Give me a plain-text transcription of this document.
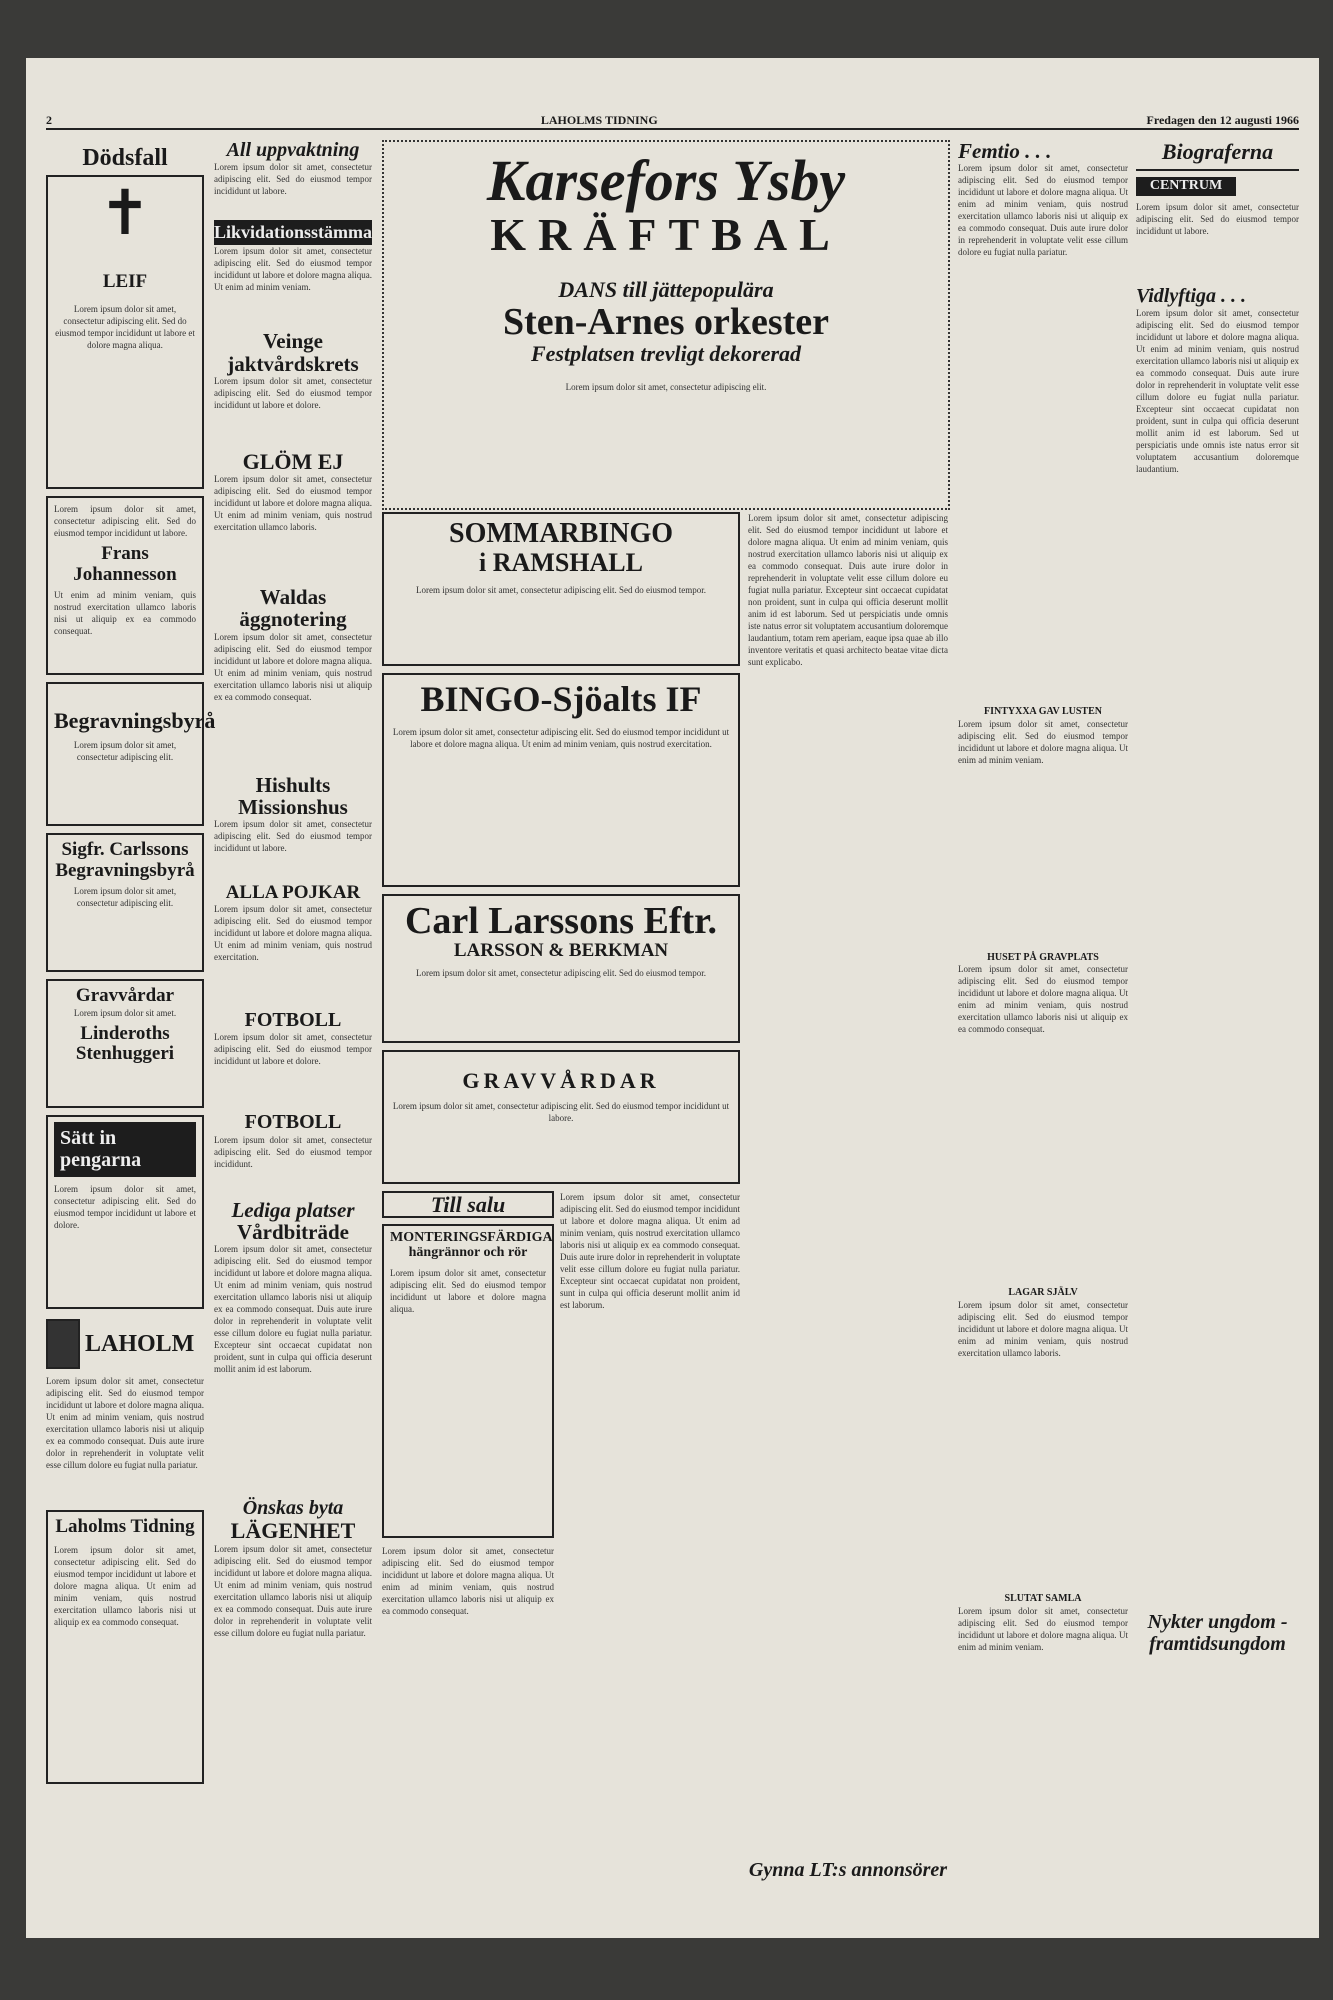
2	LAHOLMS TIDNING	Fredagen den 12 augusti 1966
Dödsfall
✝
LEIF

Lorem ipsum dolor sit amet, consectetur adipiscing elit. Sed do eiusmod tempor incididunt ut labore et dolore magna aliqua.

Lorem ipsum dolor sit amet, consectetur adipiscing elit. Sed do eiusmod tempor incididunt ut labore.

Frans
Johannesson

Ut enim ad minim veniam, quis nostrud exercitation ullamco laboris nisi ut aliquip ex ea commodo consequat.

Begravningsbyrå

Lorem ipsum dolor sit amet, consectetur adipiscing elit.

Sigfr. Carlssons Begravningsbyrå

Lorem ipsum dolor sit amet, consectetur adipiscing elit.

Gravvårdar

Lorem ipsum dolor sit amet.

Linderoths Stenhuggeri
Sätt in
pengarna

Lorem ipsum dolor sit amet, consectetur adipiscing elit. Sed do eiusmod tempor incididunt ut labore et dolore.

LAHOLM

Lorem ipsum dolor sit amet, consectetur adipiscing elit. Sed do eiusmod tempor incididunt ut labore et dolore magna aliqua. Ut enim ad minim veniam, quis nostrud exercitation ullamco laboris nisi ut aliquip ex ea commodo consequat. Duis aute irure dolor in reprehenderit in voluptate velit esse cillum dolore eu fugiat nulla pariatur.

Laholms Tidning

Lorem ipsum dolor sit amet, consectetur adipiscing elit. Sed do eiusmod tempor incididunt ut labore et dolore magna aliqua. Ut enim ad minim veniam, quis nostrud exercitation ullamco laboris nisi ut aliquip ex ea commodo consequat.

All uppvaktning

Lorem ipsum dolor sit amet, consectetur adipiscing elit. Sed do eiusmod tempor incididunt ut labore.

Likvidationsstämma

Lorem ipsum dolor sit amet, consectetur adipiscing elit. Sed do eiusmod tempor incididunt ut labore et dolore magna aliqua. Ut enim ad minim veniam.

Veinge jaktvårdskrets

Lorem ipsum dolor sit amet, consectetur adipiscing elit. Sed do eiusmod tempor incididunt ut labore et dolore.

GLÖM EJ

Lorem ipsum dolor sit amet, consectetur adipiscing elit. Sed do eiusmod tempor incididunt ut labore et dolore magna aliqua. Ut enim ad minim veniam, quis nostrud exercitation ullamco laboris.

Waldas äggnotering

Lorem ipsum dolor sit amet, consectetur adipiscing elit. Sed do eiusmod tempor incididunt ut labore et dolore magna aliqua. Ut enim ad minim veniam, quis nostrud exercitation ullamco laboris nisi ut aliquip ex ea commodo consequat.

Hishults Missionshus

Lorem ipsum dolor sit amet, consectetur adipiscing elit. Sed do eiusmod tempor incididunt ut labore.

ALLA POJKAR

Lorem ipsum dolor sit amet, consectetur adipiscing elit. Sed do eiusmod tempor incididunt ut labore et dolore magna aliqua. Ut enim ad minim veniam, quis nostrud exercitation.

FOTBOLL

Lorem ipsum dolor sit amet, consectetur adipiscing elit. Sed do eiusmod tempor incididunt ut labore et dolore.

FOTBOLL

Lorem ipsum dolor sit amet, consectetur adipiscing elit. Sed do eiusmod tempor incididunt.

Lediga platser
Vårdbiträde

Lorem ipsum dolor sit amet, consectetur adipiscing elit. Sed do eiusmod tempor incididunt ut labore et dolore magna aliqua. Ut enim ad minim veniam, quis nostrud exercitation ullamco laboris nisi ut aliquip ex ea commodo consequat. Duis aute irure dolor in reprehenderit in voluptate velit esse cillum dolore eu fugiat nulla pariatur. Excepteur sint occaecat cupidatat non proident, sunt in culpa qui officia deserunt mollit anim id est laborum.

Önskas byta
LÄGENHET

Lorem ipsum dolor sit amet, consectetur adipiscing elit. Sed do eiusmod tempor incididunt ut labore et dolore magna aliqua. Ut enim ad minim veniam, quis nostrud exercitation ullamco laboris nisi ut aliquip ex ea commodo consequat. Duis aute irure dolor in reprehenderit in voluptate velit esse cillum dolore eu fugiat nulla pariatur.

Karsefors Ysby
KRÄFTBAL
DANS till jättepopulära
Sten-Arnes orkester
Festplatsen trevligt dekorerad

Lorem ipsum dolor sit amet, consectetur adipiscing elit.

SOMMARBINGO
i RAMSHALL

Lorem ipsum dolor sit amet, consectetur adipiscing elit. Sed do eiusmod tempor.

BINGO-Sjöalts IF

Lorem ipsum dolor sit amet, consectetur adipiscing elit. Sed do eiusmod tempor incididunt ut labore et dolore magna aliqua. Ut enim ad minim veniam, quis nostrud exercitation.

Carl Larssons Eftr.
LARSSON & BERKMAN

Lorem ipsum dolor sit amet, consectetur adipiscing elit. Sed do eiusmod tempor.

GRAVVÅRDAR

Lorem ipsum dolor sit amet, consectetur adipiscing elit. Sed do eiusmod tempor incididunt ut labore.

Till salu
MONTERINGSFÄRDIGA
hängrännor och rör

Lorem ipsum dolor sit amet, consectetur adipiscing elit. Sed do eiusmod tempor incididunt ut labore et dolore magna aliqua.

Lorem ipsum dolor sit amet, consectetur adipiscing elit. Sed do eiusmod tempor incididunt ut labore et dolore magna aliqua. Ut enim ad minim veniam, quis nostrud exercitation ullamco laboris nisi ut aliquip ex ea commodo consequat.

Lorem ipsum dolor sit amet, consectetur adipiscing elit. Sed do eiusmod tempor incididunt ut labore et dolore magna aliqua. Ut enim ad minim veniam, quis nostrud exercitation ullamco laboris nisi ut aliquip ex ea commodo consequat. Duis aute irure dolor in reprehenderit in voluptate velit esse cillum dolore eu fugiat nulla pariatur. Excepteur sint occaecat cupidatat non proident, sunt in culpa qui officia deserunt mollit anim id est laborum.

Lorem ipsum dolor sit amet, consectetur adipiscing elit. Sed do eiusmod tempor incididunt ut labore et dolore magna aliqua. Ut enim ad minim veniam, quis nostrud exercitation ullamco laboris nisi ut aliquip ex ea commodo consequat. Duis aute irure dolor in reprehenderit in voluptate velit esse cillum dolore eu fugiat nulla pariatur. Excepteur sint occaecat cupidatat non proident, sunt in culpa qui officia deserunt mollit anim id est laborum. Sed ut perspiciatis unde omnis iste natus error sit voluptatem accusantium doloremque laudantium, totam rem aperiam, eaque ipsa quae ab illo inventore veritatis et quasi architecto beatae vitae dicta sunt explicabo.

Gynna LT:s annonsörer
Femtio . . .

Lorem ipsum dolor sit amet, consectetur adipiscing elit. Sed do eiusmod tempor incididunt ut labore et dolore magna aliqua. Ut enim ad minim veniam, quis nostrud exercitation ullamco laboris nisi ut aliquip ex ea commodo consequat. Duis aute irure dolor in reprehenderit in voluptate velit esse cillum dolore eu fugiat nulla pariatur.

FINTYXXA GAV LUSTEN

Lorem ipsum dolor sit amet, consectetur adipiscing elit. Sed do eiusmod tempor incididunt ut labore et dolore magna aliqua. Ut enim ad minim veniam.

HUSET PÅ GRAVPLATS

Lorem ipsum dolor sit amet, consectetur adipiscing elit. Sed do eiusmod tempor incididunt ut labore et dolore magna aliqua. Ut enim ad minim veniam, quis nostrud exercitation ullamco laboris nisi ut aliquip ex ea commodo consequat.

LAGAR SJÄLV

Lorem ipsum dolor sit amet, consectetur adipiscing elit. Sed do eiusmod tempor incididunt ut labore et dolore magna aliqua. Ut enim ad minim veniam, quis nostrud exercitation ullamco laboris.

SLUTAT SAMLA

Lorem ipsum dolor sit amet, consectetur adipiscing elit. Sed do eiusmod tempor incididunt ut labore et dolore magna aliqua. Ut enim ad minim veniam.

Biograferna
CENTRUM

Lorem ipsum dolor sit amet, consectetur adipiscing elit. Sed do eiusmod tempor incididunt ut labore.

Vidlyftiga . . .

Lorem ipsum dolor sit amet, consectetur adipiscing elit. Sed do eiusmod tempor incididunt ut labore et dolore magna aliqua. Ut enim ad minim veniam, quis nostrud exercitation ullamco laboris nisi ut aliquip ex ea commodo consequat. Duis aute irure dolor in reprehenderit in voluptate velit esse cillum dolore eu fugiat nulla pariatur. Excepteur sint occaecat cupidatat non proident, sunt in culpa qui officia deserunt mollit anim id est laborum. Sed ut perspiciatis unde omnis iste natus error sit voluptatem accusantium doloremque laudantium.

Nykter ungdom - framtidsungdom
